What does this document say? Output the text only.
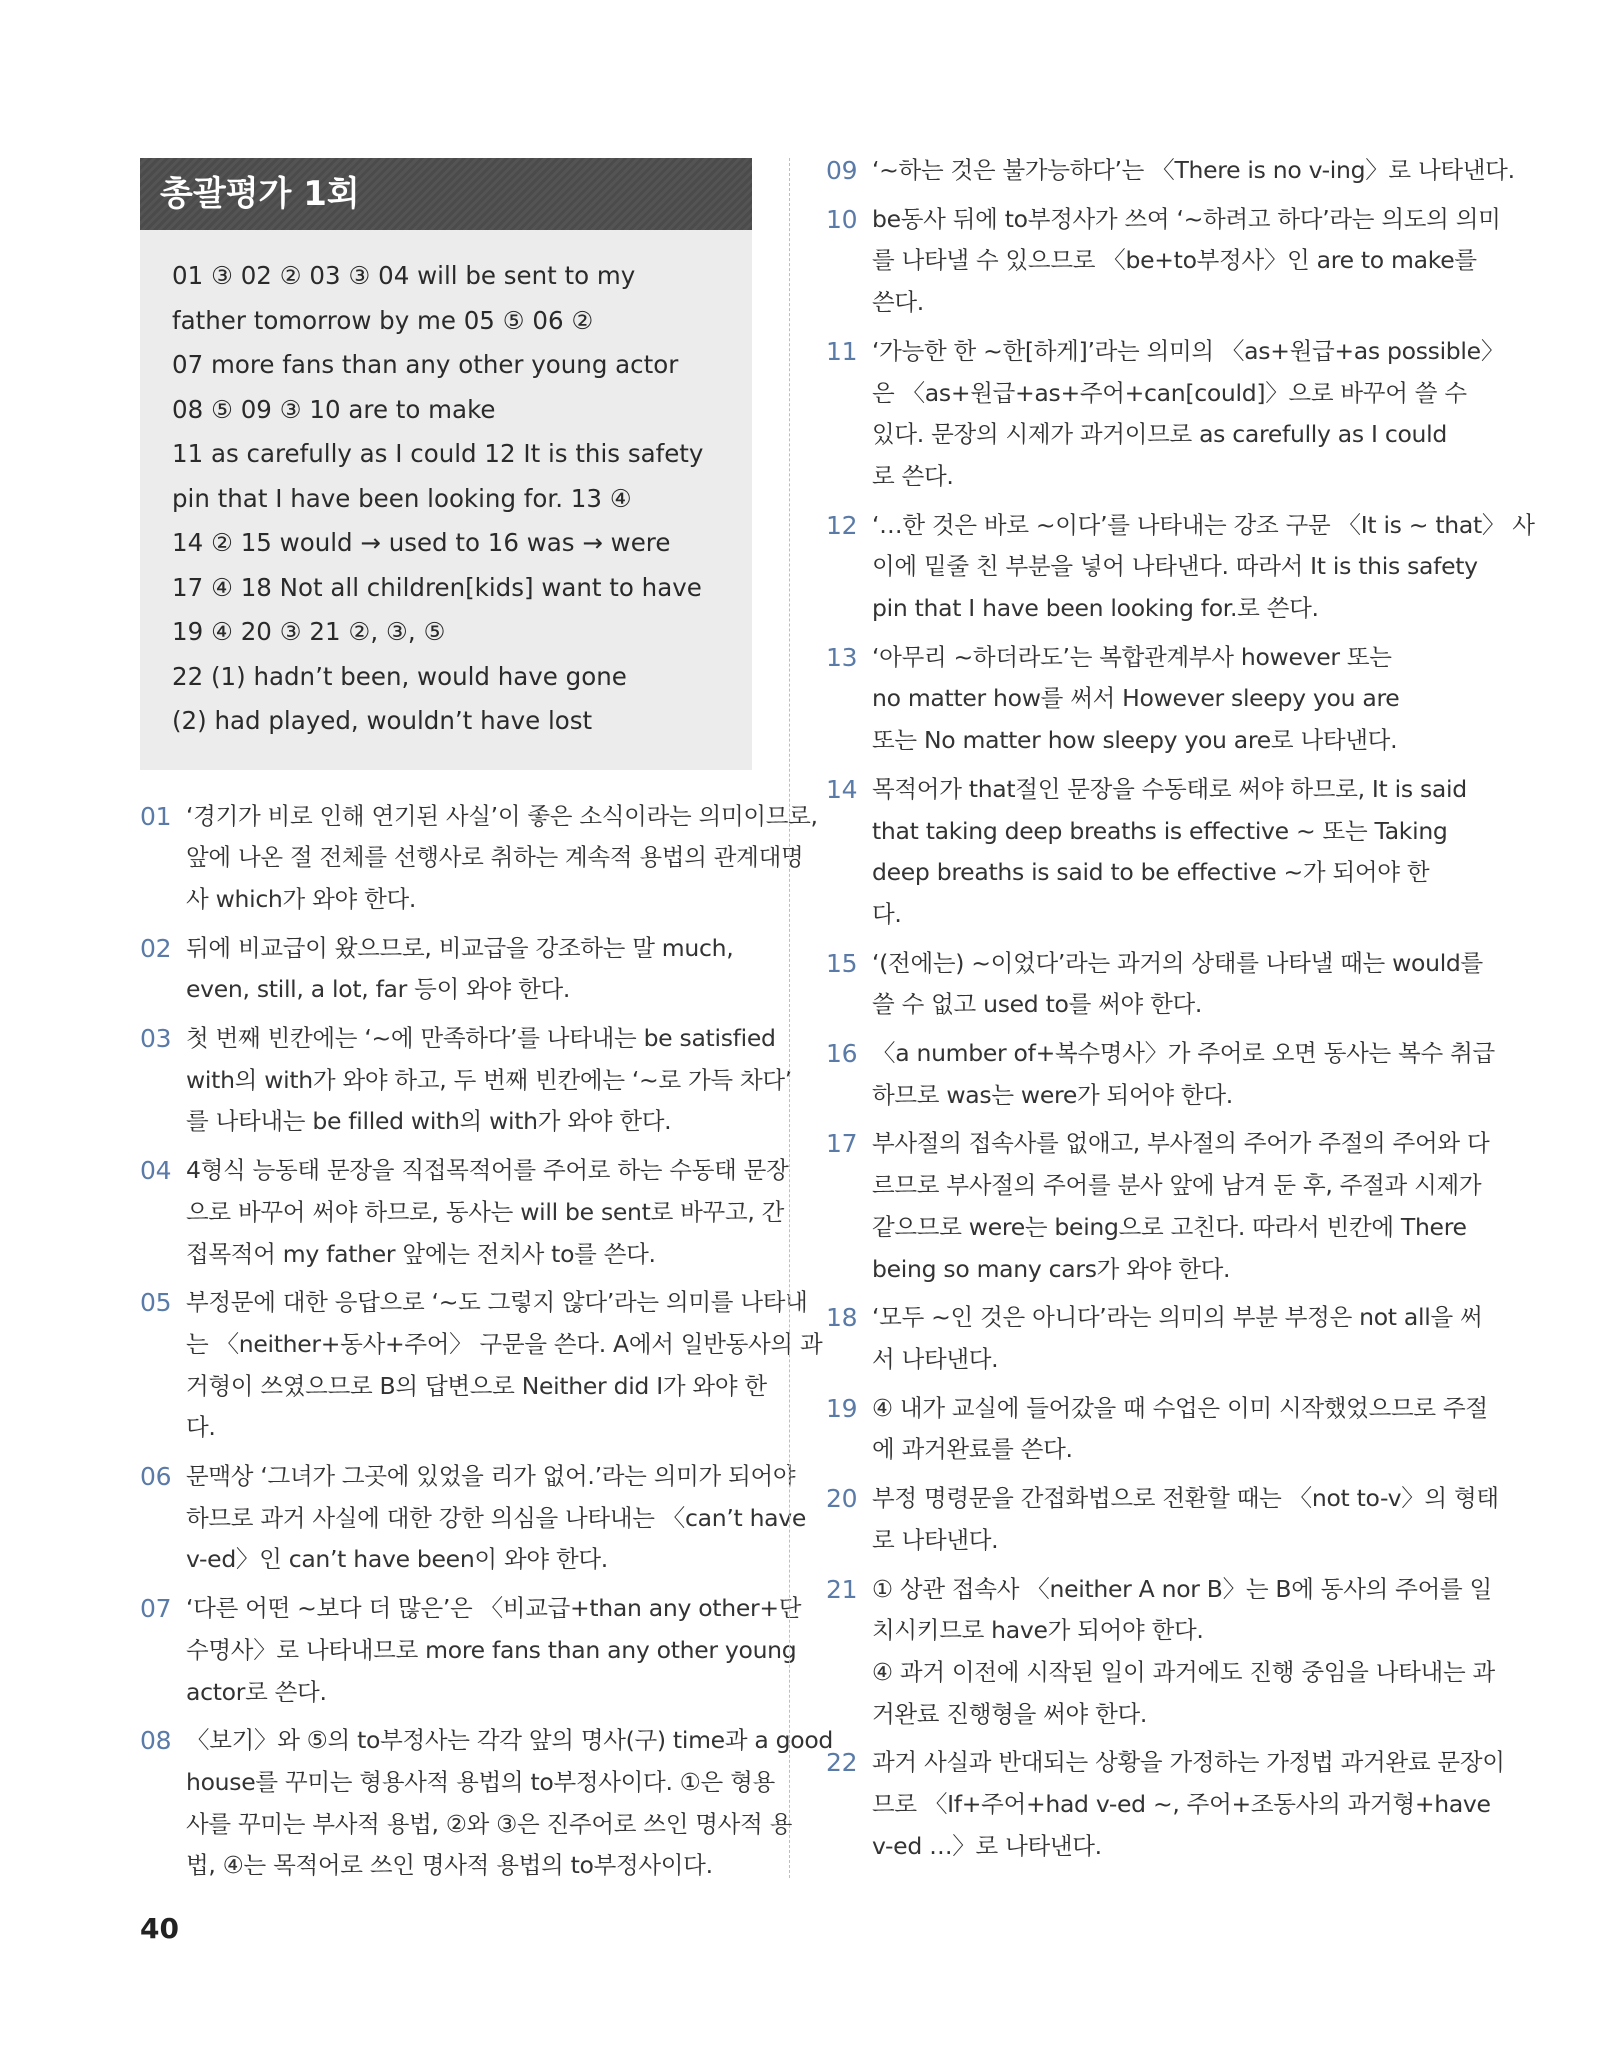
총괄평가 1회
01 ③ 02 ② 03 ③ 04 will be sent to my
father tomorrow by me 05 ⑤ 06 ②
07 more fans than any other young actor
08 ⑤ 09 ③ 10 are to make
11 as carefully as I could 12 It is this safety
pin that I have been looking for. 13 ④
14 ② 15 would → used to 16 was → were
17 ④ 18 Not all children[kids] want to have
19 ④ 20 ③ 21 ②, ③, ⑤
22 (1) hadn’t been, would have gone
(2) had played, wouldn’t have lost
01 ‘경기가 비로 인해 연기된 사실’이 좋은 소식이라는 의미이므로,
앞에 나온 절 전체를 선행사로 취하는 계속적 용법의 관계대명
사 which가 와야 한다.
02 뒤에 비교급이 왔으므로, 비교급을 강조하는 말 much,
even, still, a lot, far 등이 와야 한다.
03 첫 번째 빈칸에는 ‘~에 만족하다’를 나타내는 be satisfied
with의 with가 와야 하고, 두 번째 빈칸에는 ‘~로 가득 차다’
를 나타내는 be filled with의 with가 와야 한다.
04 4형식 능동태 문장을 직접목적어를 주어로 하는 수동태 문장
으로 바꾸어 써야 하므로, 동사는 will be sent로 바꾸고, 간
접목적어 my father 앞에는 전치사 to를 쓴다.
05 부정문에 대한 응답으로 ‘~도 그렇지 않다’라는 의미를 나타내
는 〈neither+동사+주어〉 구문을 쓴다. A에서 일반동사의 과
거형이 쓰였으므로 B의 답변으로 Neither did I가 와야 한
다.
06 문맥상 ‘그녀가 그곳에 있었을 리가 없어.’라는 의미가 되어야
하므로 과거 사실에 대한 강한 의심을 나타내는 〈can’t have
v-ed〉인 can’t have been이 와야 한다.
07 ‘다른 어떤 ~보다 더 많은’은 〈비교급+than any other+단
수명사〉로 나타내므로 more fans than any other young
actor로 쓴다.
08 〈보기〉와 ⑤의 to부정사는 각각 앞의 명사(구) time과 a good
house를 꾸미는 형용사적 용법의 to부정사이다. ①은 형용
사를 꾸미는 부사적 용법, ②와 ③은 진주어로 쓰인 명사적 용
법, ④는 목적어로 쓰인 명사적 용법의 to부정사이다.
09 ‘~하는 것은 불가능하다’는 〈There is no v-ing〉로 나타낸다.
10 be동사 뒤에 to부정사가 쓰여 ‘~하려고 하다’라는 의도의 의미
를 나타낼 수 있으므로 〈be+to부정사〉인 are to make를
쓴다.
11 ‘가능한 한 ~한[하게]’라는 의미의 〈as+원급+as possible〉
은 〈as+원급+as+주어+can[could]〉으로 바꾸어 쓸 수
있다. 문장의 시제가 과거이므로 as carefully as I could
로 쓴다.
12 ‘…한 것은 바로 ~이다’를 나타내는 강조 구문 〈It is ~ that〉 사
이에 밑줄 친 부분을 넣어 나타낸다. 따라서 It is this safety
pin that I have been looking for.로 쓴다.
13 ‘아무리 ~하더라도’는 복합관계부사 however 또는
no matter how를 써서 However sleepy you are
또는 No matter how sleepy you are로 나타낸다.
14 목적어가 that절인 문장을 수동태로 써야 하므로, It is said
that taking deep breaths is effective ~ 또는 Taking
deep breaths is said to be effective ~가 되어야 한
다.
15 ‘(전에는) ~이었다’라는 과거의 상태를 나타낼 때는 would를
쓸 수 없고 used to를 써야 한다.
16 〈a number of+복수명사〉가 주어로 오면 동사는 복수 취급
하므로 was는 were가 되어야 한다.
17 부사절의 접속사를 없애고, 부사절의 주어가 주절의 주어와 다
르므로 부사절의 주어를 분사 앞에 남겨 둔 후, 주절과 시제가
같으므로 were는 being으로 고친다. 따라서 빈칸에 There
being so many cars가 와야 한다.
18 ‘모두 ~인 것은 아니다’라는 의미의 부분 부정은 not all을 써
서 나타낸다.
19 ④ 내가 교실에 들어갔을 때 수업은 이미 시작했었으므로 주절
에 과거완료를 쓴다.
20 부정 명령문을 간접화법으로 전환할 때는 〈not to-v〉의 형태
로 나타낸다.
21 ① 상관 접속사 〈neither A nor B〉는 B에 동사의 주어를 일
치시키므로 have가 되어야 한다.
④ 과거 이전에 시작된 일이 과거에도 진행 중임을 나타내는 과
거완료 진행형을 써야 한다.
22 과거 사실과 반대되는 상황을 가정하는 가정법 과거완료 문장이
므로 〈If+주어+had v-ed ~, 주어+조동사의 과거형+have
v-ed …〉로 나타낸다.
40
